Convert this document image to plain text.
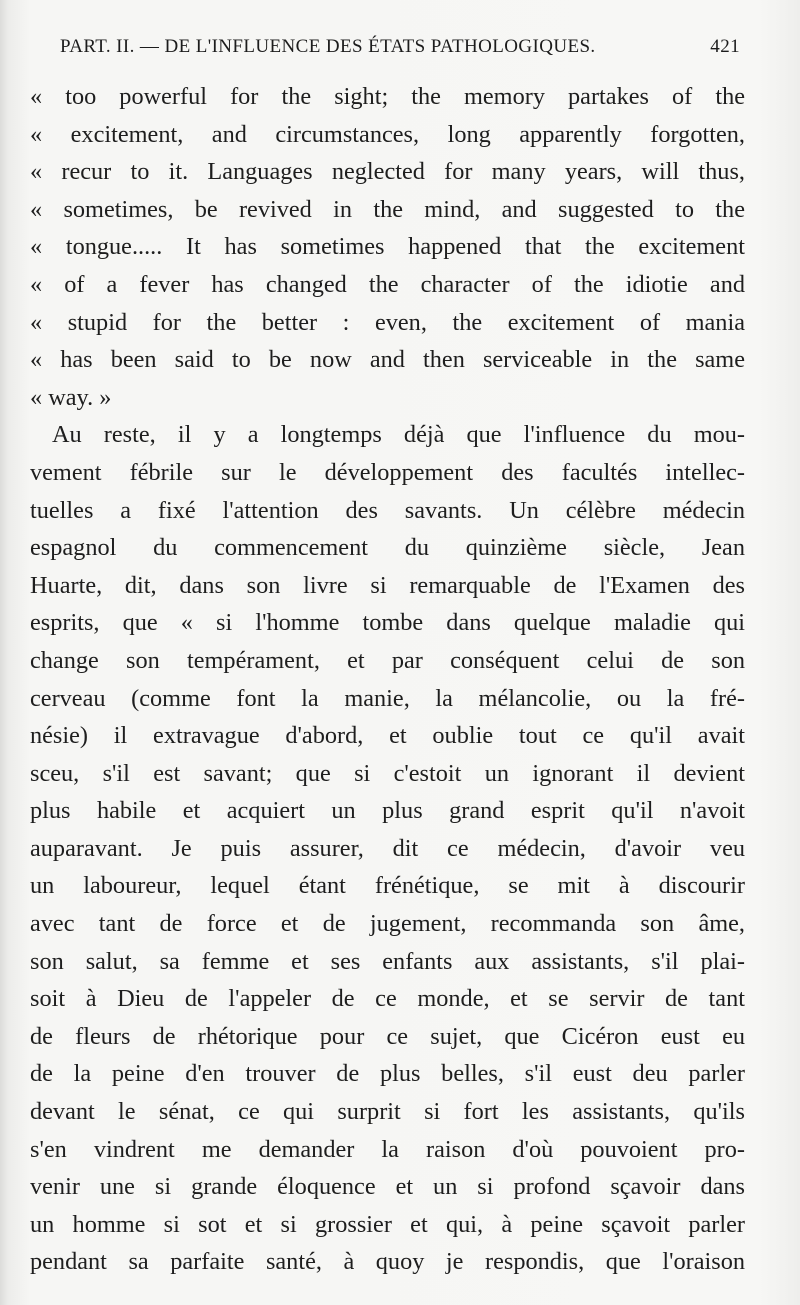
PART. II. — DE L'INFLUENCE DES ÉTATS PATHOLOGIQUES.	421
« too powerful for the sight; the memory partakes of the
« excitement, and circumstances, long apparently forgotten,
« recur to it. Languages neglected for many years, will thus,
« sometimes, be revived in the mind, and suggested to the
« tongue..... It has sometimes happened that the excitement
« of a fever has changed the character of the idiotie and
« stupid for the better : even, the excitement of mania
« has been said to be now and then serviceable in the same
« way. »
Au reste, il y a longtemps déjà que l'influence du mou-
vement fébrile sur le développement des facultés intellec-
tuelles a fixé l'attention des savants. Un célèbre médecin
espagnol du commencement du quinzième siècle, Jean
Huarte, dit, dans son livre si remarquable de l'Examen des
esprits, que « si l'homme tombe dans quelque maladie qui
change son tempérament, et par conséquent celui de son
cerveau (comme font la manie, la mélancolie, ou la fré-
nésie) il extravague d'abord, et oublie tout ce qu'il avait
sceu, s'il est savant; que si c'estoit un ignorant il devient
plus habile et acquiert un plus grand esprit qu'il n'avoit
auparavant. Je puis assurer, dit ce médecin, d'avoir veu
un laboureur, lequel étant frénétique, se mit à discourir
avec tant de force et de jugement, recommanda son âme,
son salut, sa femme et ses enfants aux assistants, s'il plai-
soit à Dieu de l'appeler de ce monde, et se servir de tant
de fleurs de rhétorique pour ce sujet, que Cicéron eust eu
de la peine d'en trouver de plus belles, s'il eust deu parler
devant le sénat, ce qui surprit si fort les assistants, qu'ils
s'en vindrent me demander la raison d'où pouvoient pro-
venir une si grande éloquence et un si profond sçavoir dans
un homme si sot et si grossier et qui, à peine sçavoit parler
pendant sa parfaite santé, à quoy je respondis, que l'oraison
